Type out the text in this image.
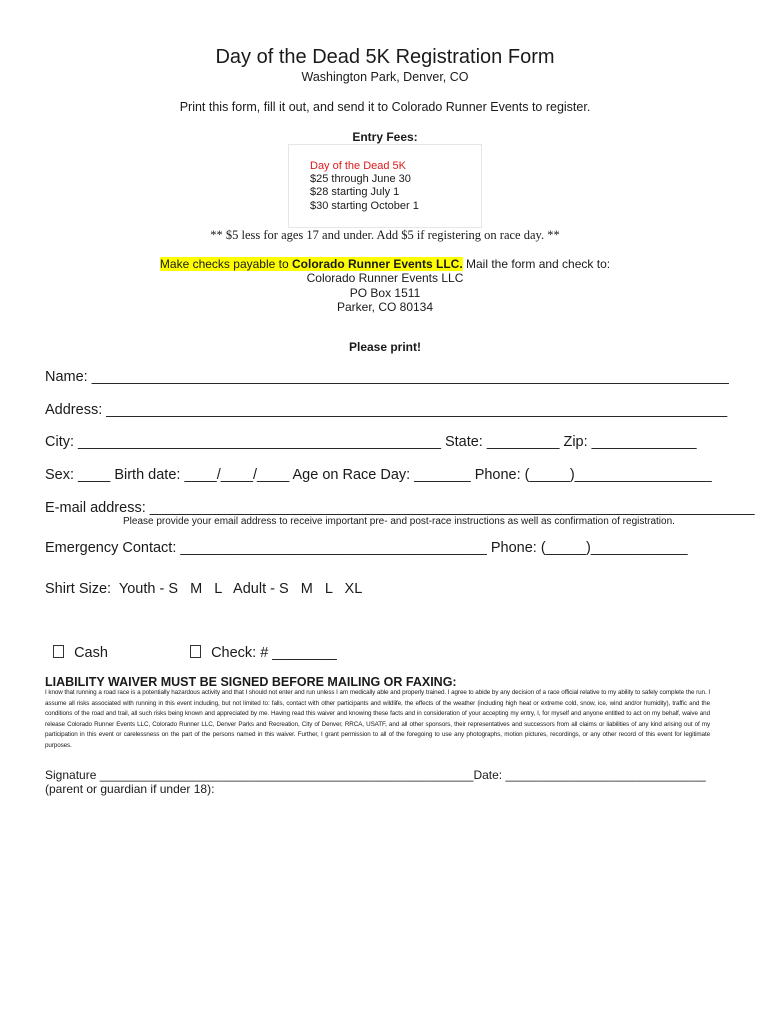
Day of the Dead 5K Registration Form
Washington Park, Denver, CO
Print this form, fill it out, and send it to Colorado Runner Events to register.
Entry Fees:
Day of the Dead 5K
$25 through June 30
$28 starting July 1
$30 starting October 1
** $5 less for ages 17 and under. Add $5 if registering on race day. **
Make checks payable to Colorado Runner Events LLC. Mail the form and check to:
Colorado Runner Events LLC
PO Box 1511
Parker, CO 80134
Please print!
Name: _______________________________________________________________________________
Address: _____________________________________________________________________________
City: _____________________________________________ State: _________ Zip: _____________
Sex: ____ Birth date: ____/____/____ Age on Race Day: _______ Phone: (_____)_________________
E-mail address: ___________________________________________________________________________
Please provide your email address to receive important pre- and post-race instructions as well as confirmation of registration.
Emergency Contact: ______________________________________ Phone: (_____)____________
Shirt Size:  Youth - S   M   L   Adult - S   M   L   XL

Cash	Check: # ________

LIABILITY WAIVER MUST BE SIGNED BEFORE MAILING OR FAXING:
I know that running a road race is a potentially hazardous activity and that I should not enter and run unless I am medically able and properly trained. I agree to abide by any decision of a race official relative to my ability to safely complete the run. I assume all risks associated with running in this event including, but not limited to: falls, contact with other participants and wildlife, the effects of the weather (including high heat or extreme cold, snow, ice, wind and/or humidity), traffic and the conditions of the road and trail, all such risks being known and appreciated by me. Having read this waiver and knowing these facts and in consideration of your accepting my entry, I, for myself and anyone entitled to act on my behalf, waive and release Colorado Runner Events LLC, Colorado Runner LLC, Denver Parks and Recreation, City of Denver, RRCA, USATF, and all other sponsors, their representatives and successors from all claims or liabilities of any kind arising out of my participation in this event or carelessness on the part of the persons named in this waiver. Further, I grant permission to all of the foregoing to use any photographs, motion pictures, recordings, or any other record of this event for legitimate purposes.
Signature ________________________________________________________Date: ______________________________
(parent or guardian if under 18):
